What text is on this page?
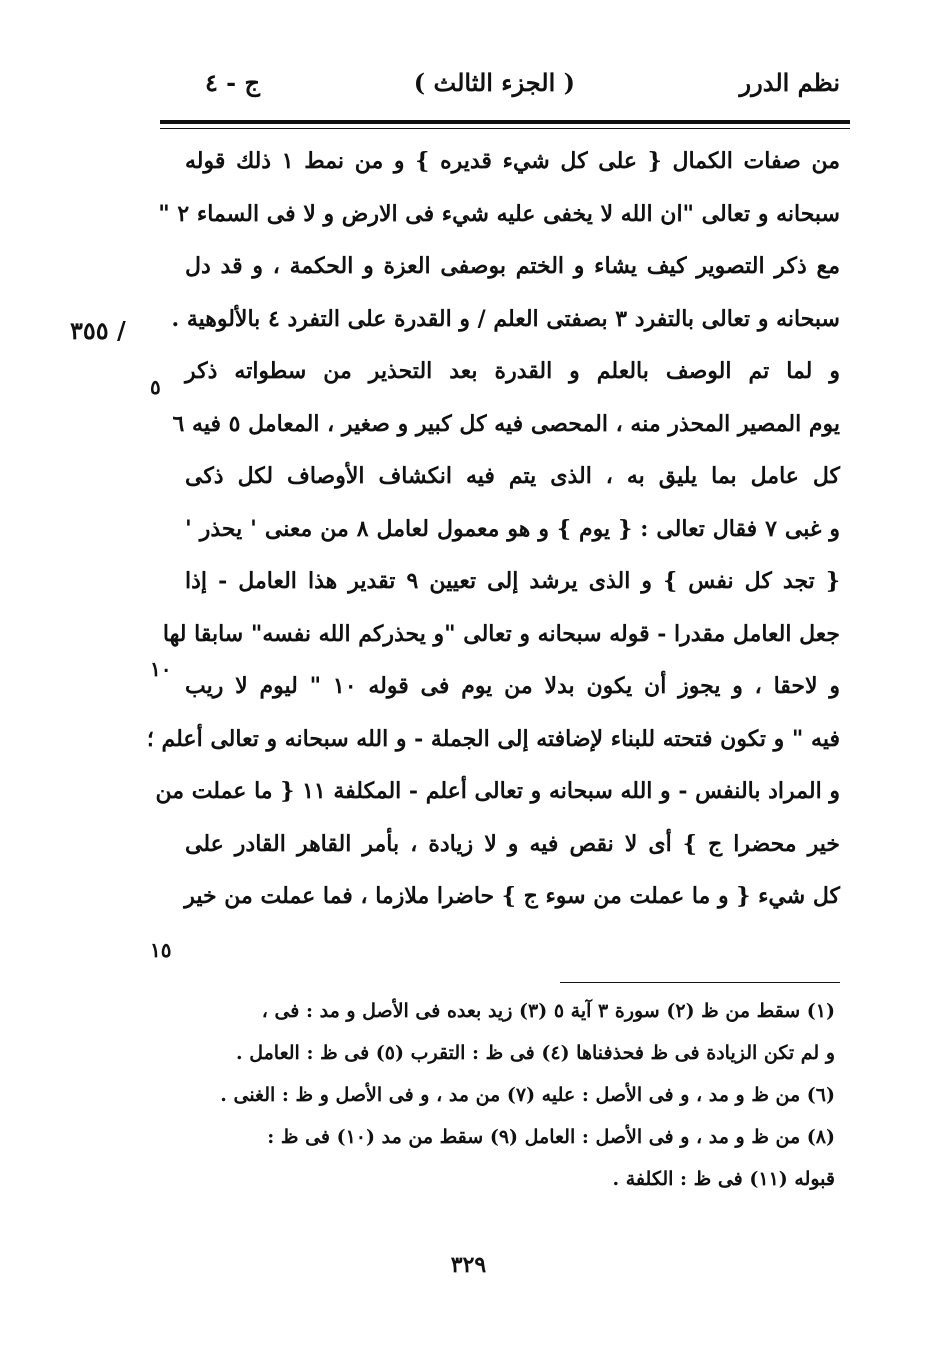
نظم الدرر
( الجزء الثالث )
ج - ٤
/ ٣٥٥
٥
١٠
١٥
من صفات الكمال { على كل شيء قديره } و من نمط ١ ذلك قوله
سبحانه و تعالى "ان الله لا يخفى عليه شيء فى الارض و لا فى السماء ٢ "
مع ذكر التصوير كيف يشاء و الختم بوصفى العزة و الحكمة ، و قد دل
سبحانه و تعالى بالتفرد ٣ بصفتى العلم / و القدرة على التفرد ٤ بالألوهية .
و لما تم الوصف بالعلم و القدرة بعد التحذير من سطواته ذكر
يوم المصير المحذر منه ، المحصى فيه كل كبير و صغير ، المعامل ٥ فيه ٦
كل عامل بما يليق به ، الذى يتم فيه انكشاف الأوصاف لكل ذكى
و غبى ٧ فقال تعالى : { يوم } و هو معمول لعامل ٨ من معنى ' يحذر '
{ تجد كل نفس } و الذى يرشد إلى تعيين ٩ تقدير هذا العامل - إذا
جعل العامل مقدرا - قوله سبحانه و تعالى "و يحذركم الله نفسه" سابقا لها
و لاحقا ، و يجوز أن يكون بدلا من يوم فى قوله ١٠ " ليوم لا ريب
فيه " و تكون فتحته للبناء لإضافته إلى الجملة - و الله سبحانه و تعالى أعلم ؛
و المراد بالنفس - و الله سبحانه و تعالى أعلم - المكلفة ١١ { ما عملت من
خير محضرا ج } أى لا نقص فيه و لا زيادة ، بأمر القاهر القادر على
كل شيء { و ما عملت من سوء ج } حاضرا ملازما ، فما عملت من خير
(١) سقط من ظ (٢) سورة ٣ آية ٥ (٣) زيد بعده فى الأصل و مد : فى ،
و لم تكن الزيادة فى ظ فحذفناها (٤) فى ظ : التقرب (٥) فى ظ : العامل .
(٦) من ظ و مد ، و فى الأصل : عليه (٧) من مد ، و فى الأصل و ظ : الغنى .
(٨) من ظ و مد ، و فى الأصل : العامل (٩) سقط من مد (١٠) فى ظ :
قبوله (١١) فى ظ : الكلفة .
٣٢٩
